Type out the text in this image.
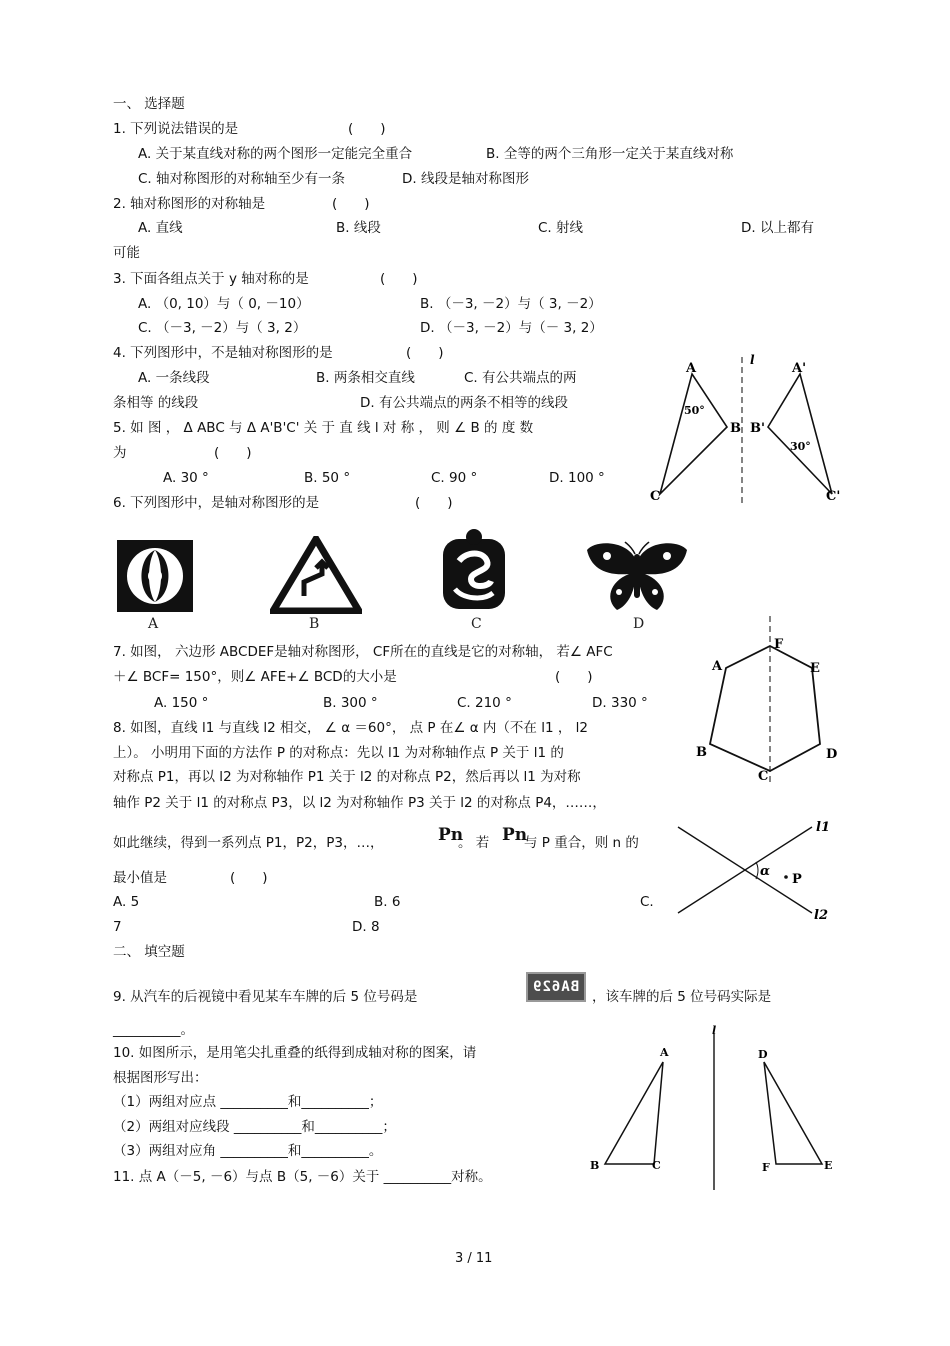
一、 选择题
1. 下列说法错误的是	(　　)
A. 关于某直线对称的两个图形一定能完全重合	B. 全等的两个三角形一定关于某直线对称
C. 轴对称图形的对称轴至少有一条	D. 线段是轴对称图形
2. 轴对称图形的对称轴是	(　　)
A. 直线	B. 线段	C. 射线	D. 以上都有
可能
3. 下面各组点关于 y 轴对称的是	(　　)
A. （0, 10）与（ 0, －10）	B. （－3, －2）与（ 3, －2）
C. （－3, －2）与（ 3, 2）	D. （－3, －2）与（－ 3, 2）
4. 下列图形中，不是轴对称图形的是	(　　)
A. 一条线段	B. 两条相交直线	C. 有公共端点的两
条相等 的线段	D. 有公共端点的两条不相等的线段
5. 如 图 ， Δ ABC 与 Δ A'B'C' 关 于 直 线 l 对 称 ， 则 ∠ B 的 度 数
为	(　　)
A. 30 °	B. 50 °	C. 90 °	D. 100 °
A
B
C
A'
B'
C'
l
50°
30°
6. 下列图形中，是轴对称图形的是	(　　)
A	B	C	D
7. 如图， 六边形 ABCDEF是轴对称图形， CF所在的直线是它的对称轴， 若∠ AFC
＋∠ BCF= 150°，则∠ AFE+∠ BCD的大小是	(　　)
A. 150 °	B. 300 °	C. 210 °	D. 330 °
F
A	E
B	D
C
8. 如图，直线 l1 与直线 l2 相交， ∠ α ＝60°， 点 P 在∠ α 内（不在 l1 ， l2
上）。 小明用下面的方法作 P 的对称点：先以 l1 为对称轴作点 P 关于 l1 的
对称点 P1，再以 l2 为对称轴作 P1 关于 l2 的对称点 P2，然后再以 l1 为对称
轴作 P2 关于 l1 的对称点 P3，以 l2 为对称轴作 P3 关于 l2 的对称点 P4，……，
如此继续，得到一系列点 P1，P2，P3，…，	Pn
。 若 Pn
与 P 重合，则 n 的
最小值是	(　　)
A. 5	B. 6	C.
7	D. 8
l1
l2
α
P
二、 填空题
9. 从汽车的后视镜中看见某车车牌的后 5 位号码是
BA629
，该车牌的后 5 位号码实际是
__________。
10. 如图所示，是用笔尖扎重叠的纸得到成轴对称的图案，请
根据图形写出：
（1）两组对应点 __________和__________；
（2）两组对应线段 __________和__________；
（3）两组对应角 __________和__________。
A
B	C
D
E
F
l
11. 点 A（－5, －6）与点 B（5, －6）关于 __________对称。
3 / 11
